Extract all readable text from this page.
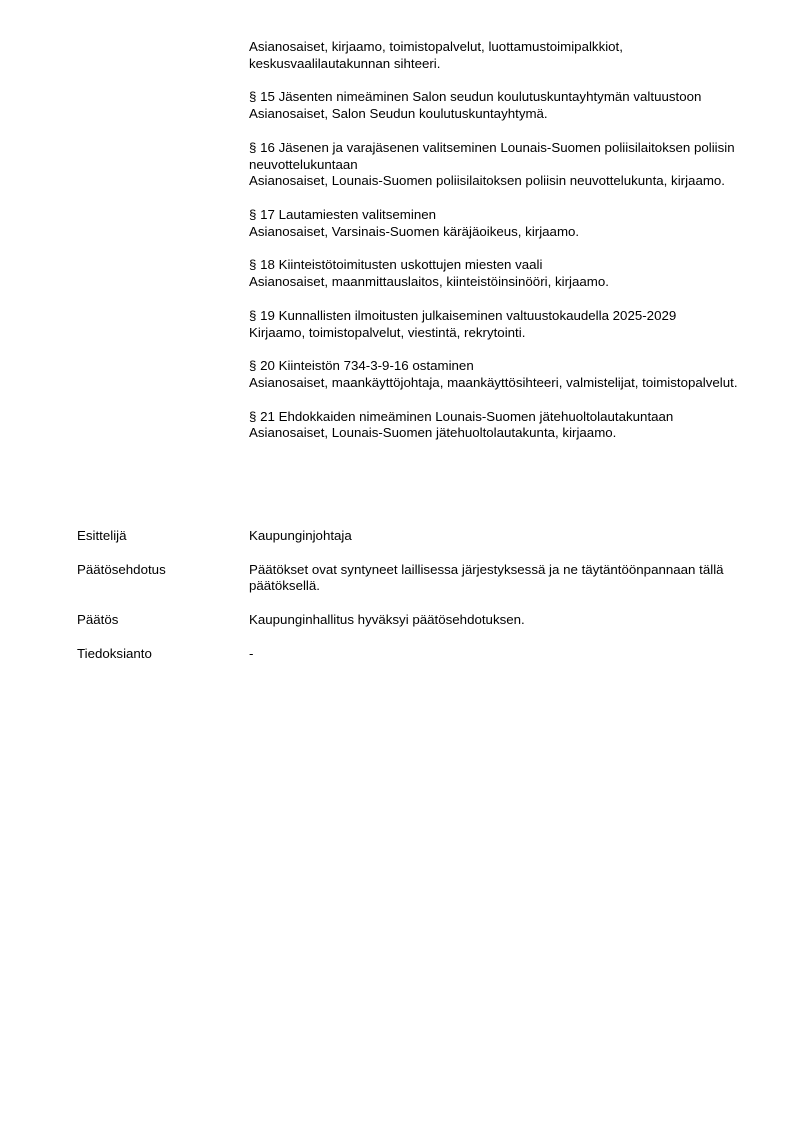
Asianosaiset, kirjaamo, toimistopalvelut, luottamustoimipalkkiot, keskusvaalilautakunnan sihteeri.

§ 15 Jäsenten nimeäminen Salon seudun koulutuskuntayhtymän valtuustoon

Asianosaiset, Salon Seudun koulutuskuntayhtymä.

§ 16 Jäsenen ja varajäsenen valitseminen Lounais-Suomen poliisilaitoksen poliisin neuvottelukuntaan

Asianosaiset, Lounais-Suomen poliisilaitoksen poliisin neuvottelukunta, kirjaamo.

§ 17 Lautamiesten valitseminen

Asianosaiset, Varsinais-Suomen käräjäoikeus, kirjaamo.

§ 18 Kiinteistötoimitusten uskottujen miesten vaali

Asianosaiset, maanmittauslaitos, kiinteistöinsinööri, kirjaamo.

§ 19 Kunnallisten ilmoitusten julkaiseminen valtuustokaudella 2025-2029

Kirjaamo, toimistopalvelut, viestintä, rekrytointi.

§ 20 Kiinteistön 734-3-9-16 ostaminen

Asianosaiset, maankäyttöjohtaja, maankäyttösihteeri, valmistelijat, toimistopalvelut.

§ 21 Ehdokkaiden nimeäminen Lounais-Suomen jätehuoltolautakuntaan

Asianosaiset, Lounais-Suomen jätehuoltolautakunta, kirjaamo.

Esittelijä	Kaupunginjohtaja
Päätösehdotus	Päätökset ovat syntyneet laillisessa järjestyksessä ja ne täytäntöönpannaan tällä päätöksellä.
Päätös	Kaupunginhallitus hyväksyi päätösehdotuksen.
Tiedoksianto	-
